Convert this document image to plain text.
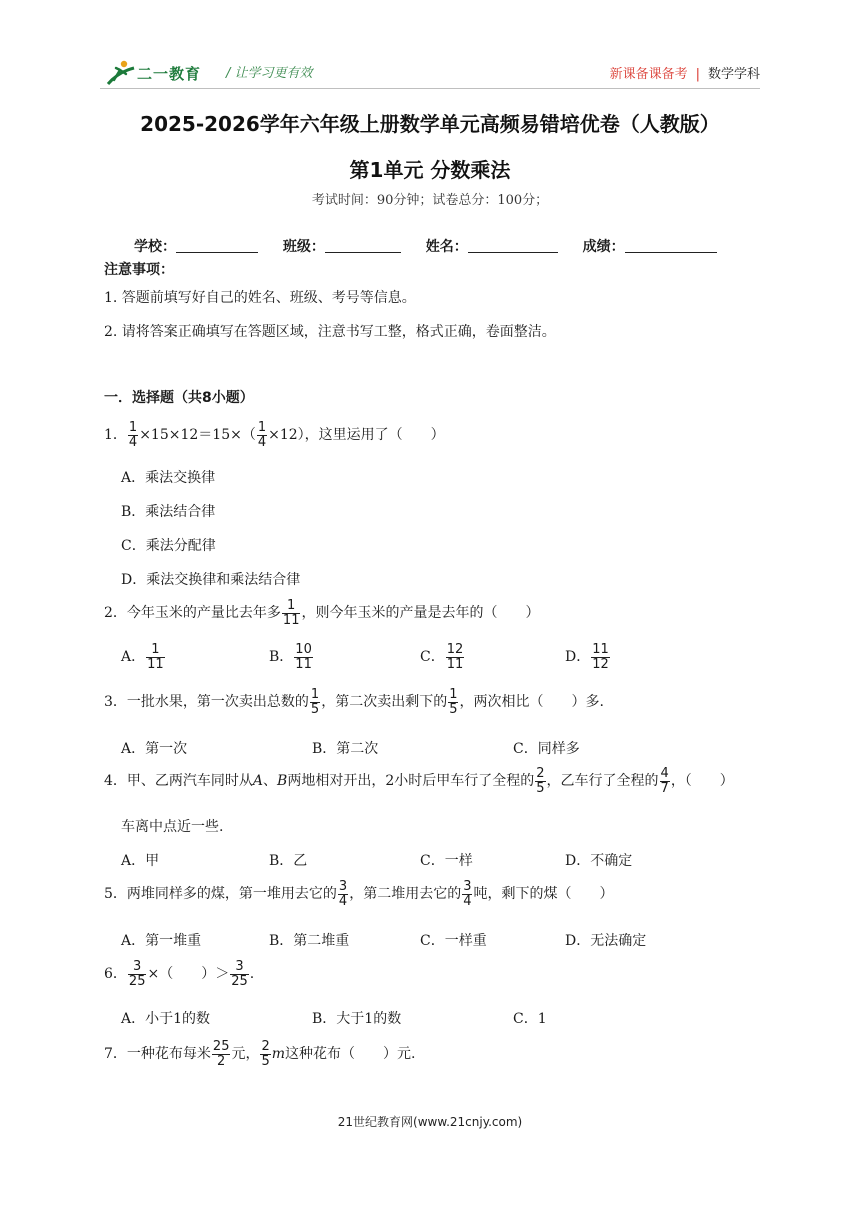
二一教育 / 让学习更有效	新课备课备考 | 数学学科
2025-2026学年六年级上册数学单元高频易错培优卷（人教版）
第1单元 分数乘法
考试时间：90分钟；试卷总分：100分；
学校：	班级：	姓名：	成绩：
注意事项：
1. 答题前填写好自己的姓名、班级、考号等信息。
2. 请将答案正确填写在答题区域，注意书写工整，格式正确，卷面整洁。
一．选择题（共8小题）
1． $\frac{1}{4} \times 15\times 12=15\times( \frac{1}{4} \times 12)$，这里运用了（　　）
A．乘法交换律
B．乘法结合律
C．乘法分配律
D．乘法交换律和乘法结合律
2．今年玉米的产量比去年多 $\frac{1}{11}$ ，则今年玉米的产量是去年的（　　）
A． $\frac{1}{11}$	B． $\frac{10}{11}$	C． $\frac{12}{11}$	D． $\frac{11}{12}$
3．一批水果，第一次卖出总数的 $\frac{1}{5}$ ，第二次卖出剩下的 $\frac{1}{5}$ ，两次相比（　　）多.
A．第一次	B．第二次	C．同样多
4．甲、乙两汽车同时从A、B两地相对开出，2小时后甲车行了全程的 $\frac{2}{5}$ ，乙车行了全程的 $\frac{4}{7}$ ，（　　）
车离中点近一些.
A．甲	B．乙	C．一样	D．不确定
5．两堆同样多的煤，第一堆用去它的 $\frac{3}{4}$ ，第二堆用去它的 $\frac{3}{4}$ 吨，剩下的煤（　　）
A．第一堆重	B．第二堆重	C．一样重	D．无法确定
6． $\frac{3}{25}$ ×（　　）＞ $\frac{3}{25}$ .
A．小于1的数	B．大于1的数	C．1
7．一种花布每米 $\frac{25}{2}$ 元， $\frac{2}{5}$ m这种花布（　　）元.
21世纪教育网(www.21cnjy.com)
